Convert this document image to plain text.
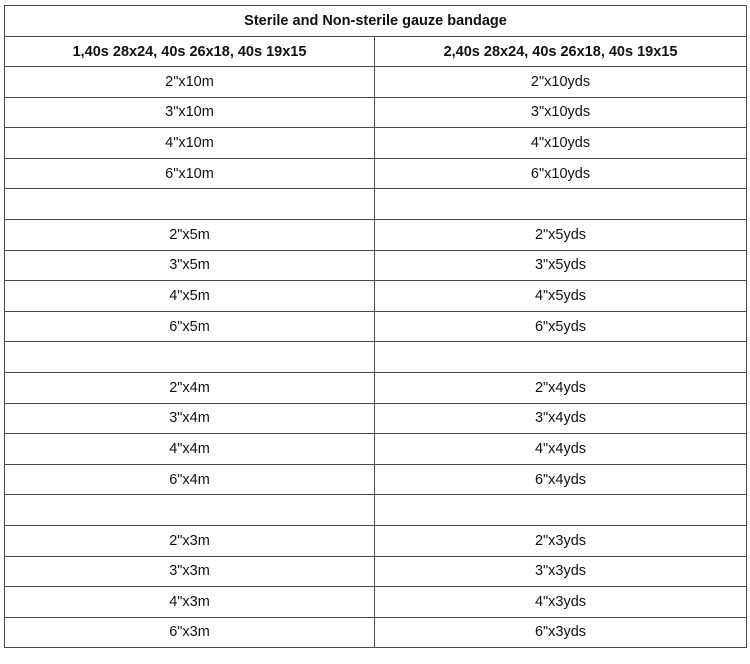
Sterile and Non-sterile gauze bandage	
1,40s 28x24, 40s 26x18, 40s 19x15	2,40s 28x24, 40s 26x18, 40s 19x15
2"x10m	2"x10yds
3"x10m	3"x10yds
4"x10m	4"x10yds
6"x10m	6"x10yds

2"x5m	2"x5yds
3"x5m	3"x5yds
4"x5m	4"x5yds
6"x5m	6"x5yds

2"x4m	2"x4yds
3"x4m	3"x4yds
4"x4m	4"x4yds
6"x4m	6"x4yds

2"x3m	2"x3yds
3"x3m	3"x3yds
4"x3m	4"x3yds
6"x3m	6"x3yds
